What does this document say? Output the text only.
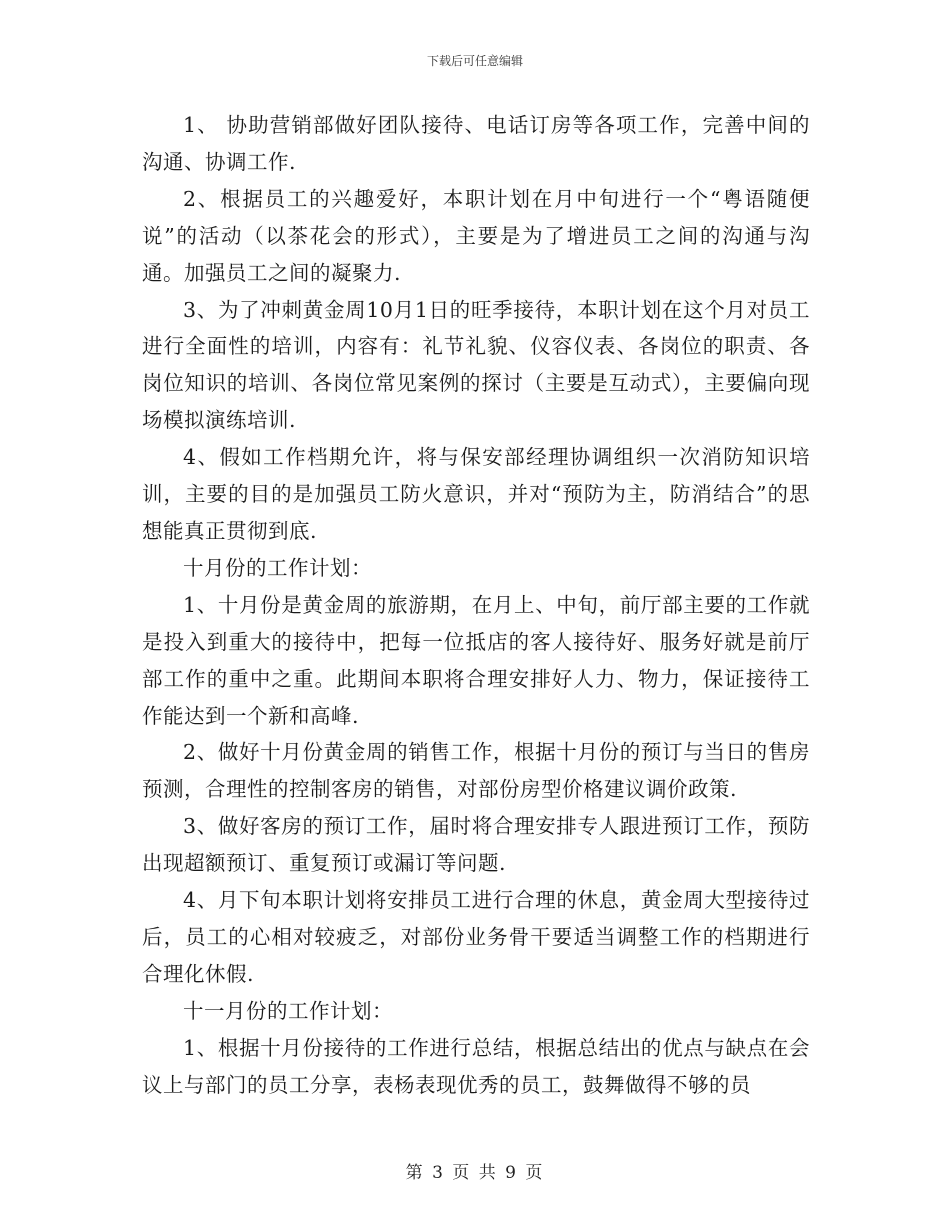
下载后可任意编辑

1、 协助营销部做好团队接待、电话订房等各项工作，完善中间的沟通、协调工作.

2、根据员工的兴趣爱好，本职计划在月中旬进行一个“粤语随便说”的活动（以茶花会的形式），主要是为了增进员工之间的沟通与沟通。加强员工之间的凝聚力.

3、为了冲刺黄金周10月1日的旺季接待，本职计划在这个月对员工进行全面性的培训，内容有：礼节礼貌、仪容仪表、各岗位的职责、各岗位知识的培训、各岗位常见案例的探讨（主要是互动式），主要偏向现场模拟演练培训.

4、假如工作档期允许，将与保安部经理协调组织一次消防知识培训，主要的目的是加强员工防火意识，并对“预防为主，防消结合”的思想能真正贯彻到底.

十月份的工作计划：

1、十月份是黄金周的旅游期，在月上、中旬，前厅部主要的工作就是投入到重大的接待中，把每一位抵店的客人接待好、服务好就是前厅部工作的重中之重。此期间本职将合理安排好人力、物力，保证接待工作能达到一个新和高峰.

2、做好十月份黄金周的销售工作，根据十月份的预订与当日的售房预测，合理性的控制客房的销售，对部份房型价格建议调价政策.

3、做好客房的预订工作，届时将合理安排专人跟进预订工作，预防出现超额预订、重复预订或漏订等问题.

4、月下旬本职计划将安排员工进行合理的休息，黄金周大型接待过后，员工的心相对较疲乏，对部份业务骨干要适当调整工作的档期进行合理化休假.

十一月份的工作计划：

1、根据十月份接待的工作进行总结，根据总结出的优点与缺点在会议上与部门的员工分享，表杨表现优秀的员工，鼓舞做得不够的员

第 3 页 共 9 页
